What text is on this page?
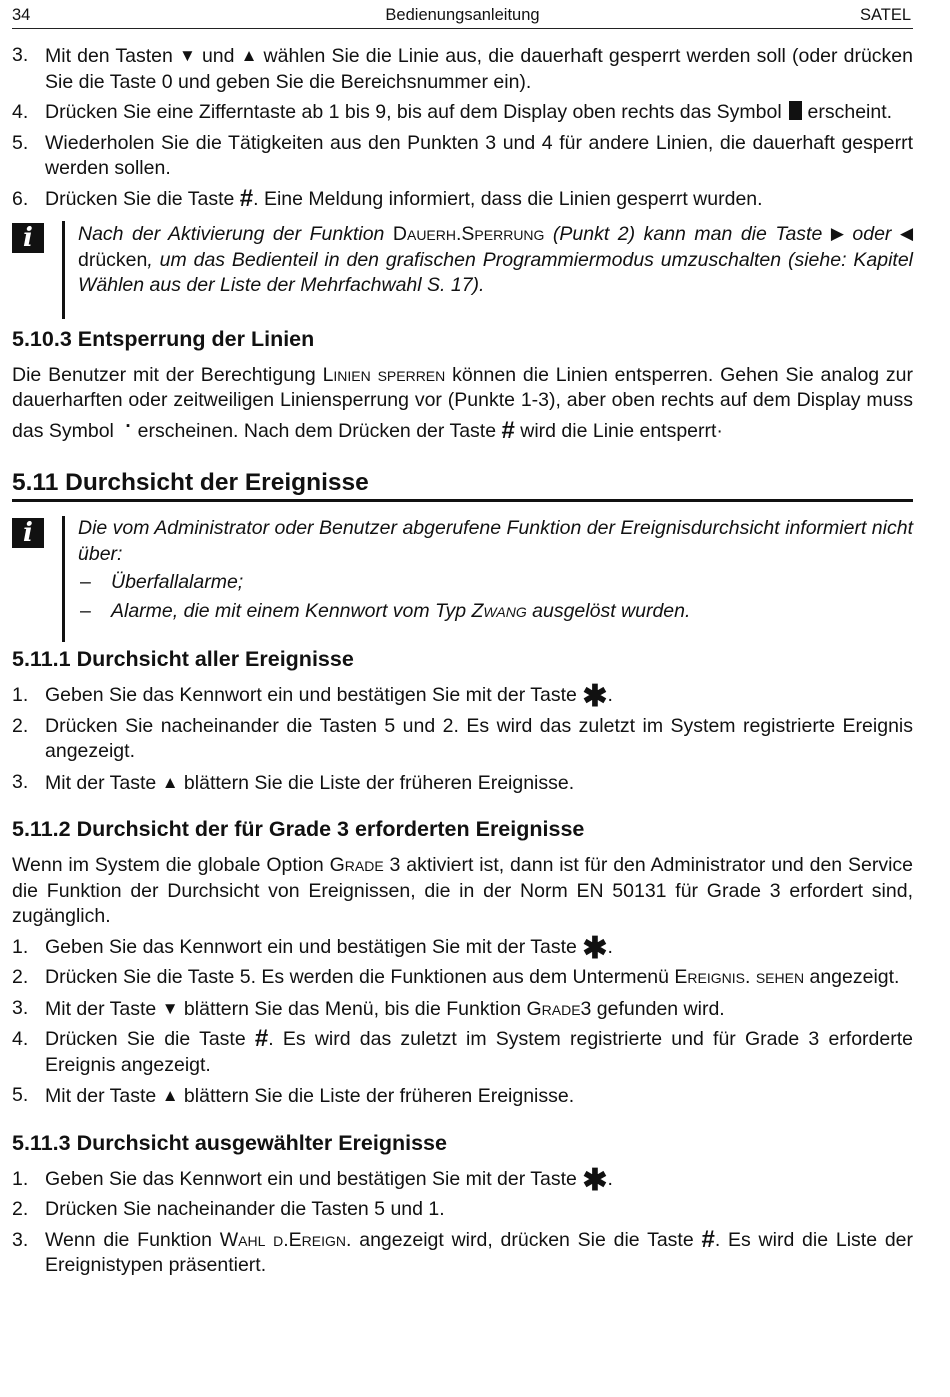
34	Bedienungsanleitung	SATEL
3. Mit den Tasten ▼ und ▲ wählen Sie die Linie aus, die dauerhaft gesperrt werden soll (oder drücken Sie die Taste 0 und geben Sie die Bereichsnummer ein).
4. Drücken Sie eine Zifferntaste ab 1 bis 9, bis auf dem Display oben rechts das Symbol  erscheint.
5. Wiederholen Sie die Tätigkeiten aus den Punkten 3 und 4 für andere Linien, die dauerhaft gesperrt werden sollen.
6. Drücken Sie die Taste #. Eine Meldung informiert, dass die Linien gesperrt wurden.
i	Nach der Aktivierung der Funktion Dauerh.Sperrung (Punkt 2) kann man die Taste ▶ oder ◀ drücken, um das Bedienteil in den grafischen Programmiermodus umzuschalten (siehe: Kapitel Wählen aus der Liste der Mehrfachwahl S. 17).
5.10.3 Entsperrung der Linien

Die Benutzer mit der Berechtigung Linien sperren können die Linien entsperren. Gehen Sie analog zur dauerharften oder zeitweiligen Liniensperrung vor (Punkte 1-3), aber oben rechts auf dem Display muss das Symbol · erscheinen. Nach dem Drücken der Taste # wird die Linie entsperrt·

5.11 Durchsicht der Ereignisse
i	Die vom Administrator oder Benutzer abgerufene Funktion der Ereignisdurchsicht informiert nicht über:
– Überfallalarme;
– Alarme, die mit einem Kennwort vom Typ Zwang ausgelöst wurden.
5.11.1 Durchsicht aller Ereignisse
1. Geben Sie das Kennwort ein und bestätigen Sie mit der Taste ✱.
2. Drücken Sie nacheinander die Tasten 5 und 2. Es wird das zuletzt im System registrierte Ereignis angezeigt.
3. Mit der Taste ▲ blättern Sie die Liste der früheren Ereignisse.
5.11.2 Durchsicht der für Grade 3 erforderten Ereignisse

Wenn im System die globale Option Grade 3 aktiviert ist, dann ist für den Administrator und den Service die Funktion der Durchsicht von Ereignissen, die in der Norm EN 50131 für Grade 3 erfordert sind, zugänglich.

1. Geben Sie das Kennwort ein und bestätigen Sie mit der Taste ✱.
2. Drücken Sie die Taste 5. Es werden die Funktionen aus dem Untermenü Ereignis. sehen angezeigt.
3. Mit der Taste ▼ blättern Sie das Menü, bis die Funktion Grade3 gefunden wird.
4. Drücken Sie die Taste #. Es wird das zuletzt im System registrierte und für Grade 3 erforderte Ereignis angezeigt.
5. Mit der Taste ▲ blättern Sie die Liste der früheren Ereignisse.
5.11.3 Durchsicht ausgewählter Ereignisse
1. Geben Sie das Kennwort ein und bestätigen Sie mit der Taste ✱.
2. Drücken Sie nacheinander die Tasten 5 und 1.
3. Wenn die Funktion Wahl d.Ereign. angezeigt wird, drücken Sie die Taste #. Es wird die Liste der Ereignistypen präsentiert.
